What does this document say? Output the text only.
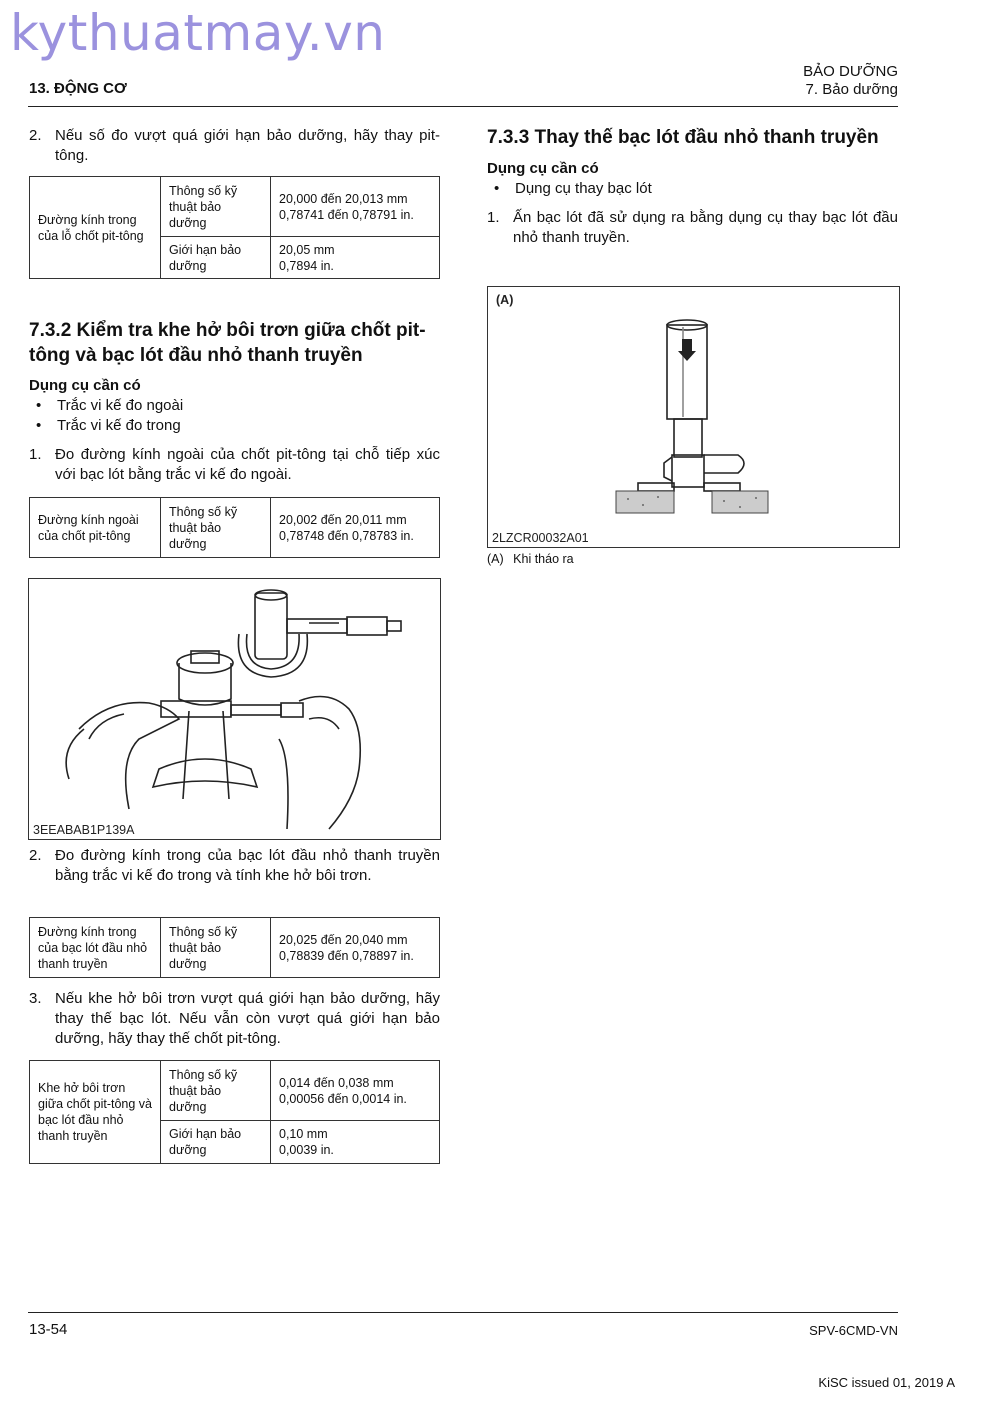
kythuatmay.vn
13. ĐỘNG CƠ
BẢO DƯỠNG
7. Bảo dưỡng

2. Nếu số đo vượt quá giới hạn bảo dưỡng, hãy thay pit-tông.

Đường kính trong của lỗ chốt pit-tông	Thông số kỹ thuật bảo dưỡng	20,000 đến 20,013 mm
0,78741 đến 0,78791 in.

	Giới hạn bảo dưỡng	20,05 mm
0,7894 in.
7.3.2 Kiểm tra khe hở bôi trơn giữa chốt pit-tông và bạc lót đầu nhỏ thanh truyền
Dụng cụ cần có
• Trắc vi kế đo ngoài
• Trắc vi kế đo trong

1. Đo đường kính ngoài của chốt pit-tông tại chỗ tiếp xúc với bạc lót bằng trắc vi kế đo ngoài.

Đường kính ngoài của chốt pit-tông	Thông số kỹ thuật bảo dưỡng	
20,002 đến 20,011 mm
0,78748 đến 0,78783 in.
3EEABAB1P139A

2. Đo đường kính trong của bạc lót đầu nhỏ thanh truyền bằng trắc vi kế đo trong và tính khe hở bôi trơn.

Đường kính trong của bạc lót đầu nhỏ thanh truyền	Thông số kỹ thuật bảo dưỡng	
20,025 đến 20,040 mm
0,78839 đến 0,78897 in.

3. Nếu khe hở bôi trơn vượt quá giới hạn bảo dưỡng, hãy thay thế bạc lót. Nếu vẫn còn vượt quá giới hạn bảo dưỡng, hãy thay thế chốt pit-tông.

Khe hở bôi trơn giữa chốt pit-tông và bạc lót đầu nhỏ thanh truyền	Thông số kỹ thuật bảo dưỡng	0,014 đến 0,038 mm
0,00056 đến 0,0014 in.

	Giới hạn bảo dưỡng	0,10 mm
0,0039 in.
7.3.3 Thay thế bạc lót đầu nhỏ thanh truyền
Dụng cụ cần có
• Dụng cụ thay bạc lót

1. Ấn bạc lót đã sử dụng ra bằng dụng cụ thay bạc lót đầu nhỏ thanh truyền.

(A)
2LZCR00032A01
(A) Khi tháo ra
13-54	SPV-6CMD-VN
KiSC issued 01, 2019 A
